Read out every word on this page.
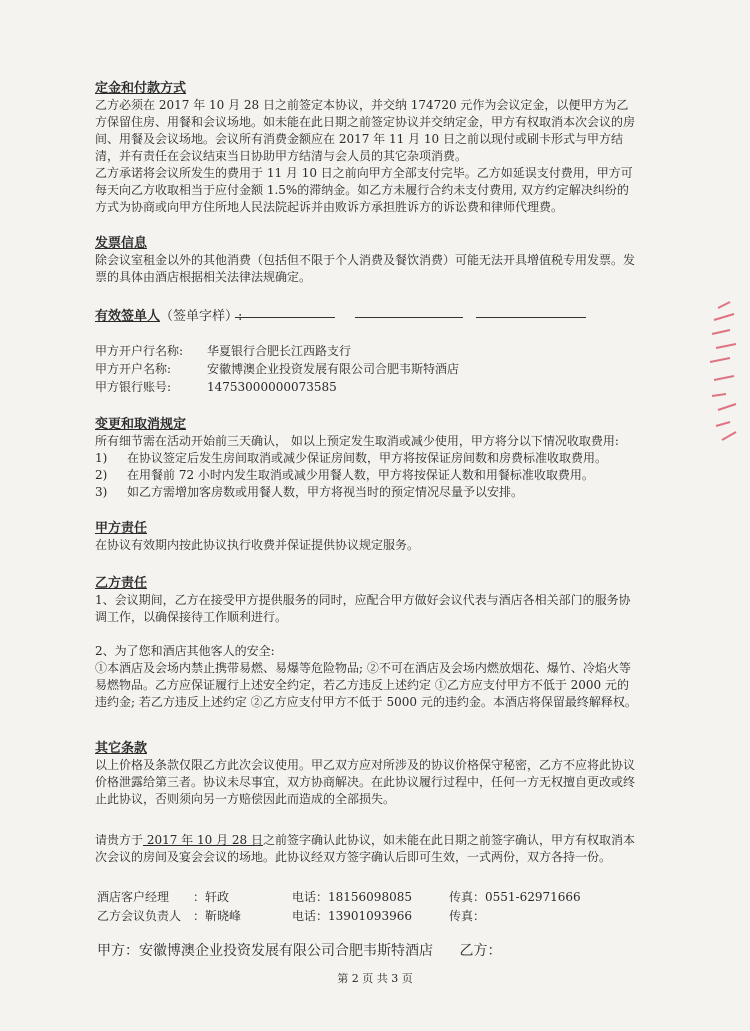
定金和付款方式

乙方必须在 2017 年 10 月 28 日之前签定本协议，并交纳 174720 元作为会议定金，以便甲方为乙方保留住房、用餐和会议场地。如未能在此日期之前签定协议并交纳定金，甲方有权取消本次会议的房间、用餐及会议场地。会议所有消费金额应在 2017 年 11 月 10 日之前以现付或刷卡形式与甲方结清，并有责任在会议结束当日协助甲方结清与会人员的其它杂项消费。

乙方承诺将会议所发生的费用于 11 月 10 日之前向甲方全部支付完毕。乙方如延误支付费用，甲方可每天向乙方收取相当于应付金额 1.5%的滞纳金。如乙方未履行合约未支付费用, 双方约定解决纠纷的方式为协商或向甲方住所地人民法院起诉并由败诉方承担胜诉方的诉讼费和律师代理费。

发票信息

除会议室租金以外的其他消费（包括但不限于个人消费及餐饮消费）可能无法开具增值税专用发票。发票的具体由酒店根据相关法律法规确定。

有效签单人（签单字样）:
甲方开户行名称: 华夏银行合肥长江西路支行
甲方开户名称:	安徽博澳企业投资发展有限公司合肥韦斯特酒店
甲方银行账号:	14753000000073585

变更和取消规定

所有细节需在活动开始前三天确认， 如以上预定发生取消或减少使用，甲方将分以下情况收取费用:

1) 在协议签定后发生房间取消或减少保证房间数，甲方将按保证房间数和房费标准收取费用。

2) 在用餐前 72 小时内发生取消或减少用餐人数，甲方将按保证人数和用餐标准收取费用。

3) 如乙方需增加客房数或用餐人数，甲方将视当时的预定情况尽量予以安排。

甲方责任

在协议有效期内按此协议执行收费并保证提供协议规定服务。

乙方责任

1、会议期间，乙方在接受甲方提供服务的同时，应配合甲方做好会议代表与酒店各相关部门的服务协调工作，以确保接待工作顺利进行。

2、为了您和酒店其他客人的安全:

①本酒店及会场内禁止携带易燃、易爆等危险物品; ②不可在酒店及会场内燃放烟花、爆竹、冷焰火等易燃物品。乙方应保证履行上述安全约定，若乙方违反上述约定 ①乙方应支付甲方不低于 2000 元的违约金; 若乙方违反上述约定 ②乙方应支付甲方不低于 5000 元的违约金。本酒店将保留最终解释权。

其它条款

以上价格及条款仅限乙方此次会议使用。甲乙双方应对所涉及的协议价格保守秘密，乙方不应将此协议价格泄露给第三者。协议未尽事宜，双方协商解决。在此协议履行过程中，任何一方无权擅自更改或终止此协议，否则须向另一方赔偿因此而造成的全部损失。

请贵方于 2017 年 10 月 28 日之前签字确认此协议，如未能在此日期之前签字确认，甲方有权取消本次会议的房间及宴会会议的场地。此协议经双方签字确认后即可生效，一式两份，双方各持一份。

酒店客户经理 ：轩政	电话：18156098085	传真：0551-62971666
乙方会议负责人 ：靳晓峰	电话：13901093966	传真：
甲方：安徽博澳企业投资发展有限公司合肥韦斯特酒店 乙方：
第 2 页 共 3 页
